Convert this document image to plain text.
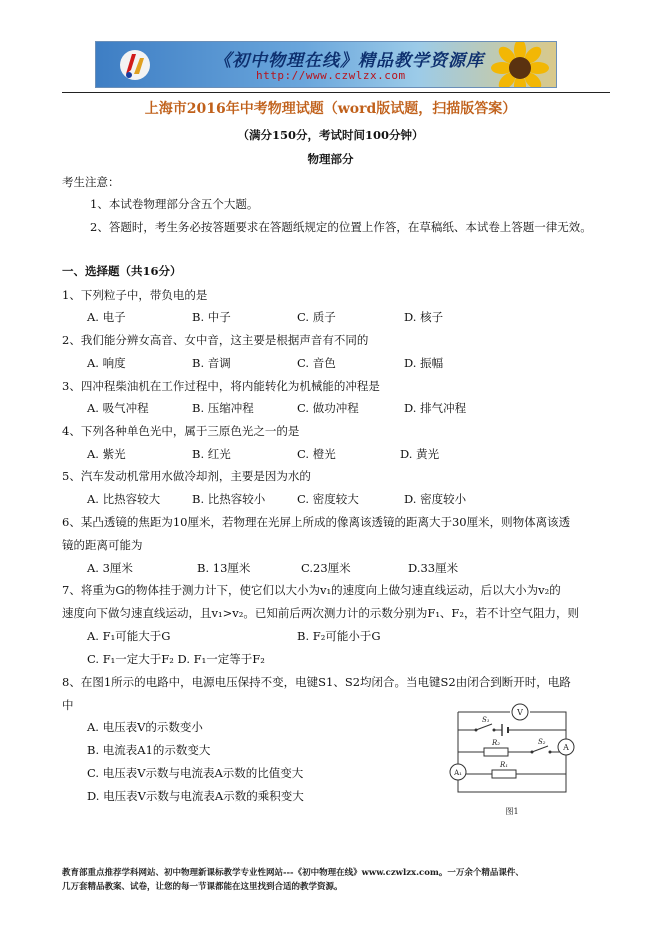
《初中物理在线》精品教学资源库
http://www.czwlzx.com
上海市2016年中考物理试题（word版试题，扫描版答案）
（满分150分，考试时间100分钟）
物理部分
考生注意：
1、本试卷物理部分含五个大题。
2、答题时，考生务必按答题要求在答题纸规定的位置上作答，在草稿纸、本试卷上答题一律无效。
一、选择题（共16分）
1、下列粒子中，带负电的是
A. 电子	B. 中子	C. 质子	D. 核子
2、我们能分辨女高音、女中音，这主要是根据声音有不同的
A. 响度	B. 音调	C. 音色	D. 振幅
3、四冲程柴油机在工作过程中，将内能转化为机械能的冲程是
A. 吸气冲程	B. 压缩冲程	C. 做功冲程	D. 排气冲程
4、下列各种单色光中，属于三原色光之一的是
A. 紫光	B. 红光	C. 橙光	D. 黄光
5、汽车发动机常用水做冷却剂，主要是因为水的
A. 比热容较大	B. 比热容较小	C. 密度较大	D. 密度较小
6、某凸透镜的焦距为10厘米，若物理在光屏上所成的像离该透镜的距离大于30厘米，则物体离该透
镜的距离可能为
A. 3厘米	B. 13厘米	C.23厘米	D.33厘米
7、将重为G的物体挂于测力计下，使它们以大小为v₁的速度向上做匀速直线运动，后以大小为v₂的
速度向下做匀速直线运动，且v₁>v₂。已知前后两次测力计的示数分别为F₁、F₂，若不计空气阻力，则
A. F₁可能大于G	B. F₂可能小于G
C. F₁一定大于F₂ D. F₁一定等于F₂
8、在图1所示的电路中，电源电压保持不变，电键S1、S2均闭合。当电键S2由闭合到断开时，电路
中
A. 电压表V的示数变小
B. 电流表A1的示数变大
C. 电压表V示数与电流表A示数的比值变大
D. 电压表V示数与电流表A示数的乘积变大
V
A
A₁
S₁
S₂
R₂
R₁
图1
教育部重点推荐学科网站、初中物理新课标教学专业性网站---《初中物理在线》www.czwlzx.com。一万余个精品课件、
几万套精品教案、试卷，让您的每一节课都能在这里找到合适的教学资源。
